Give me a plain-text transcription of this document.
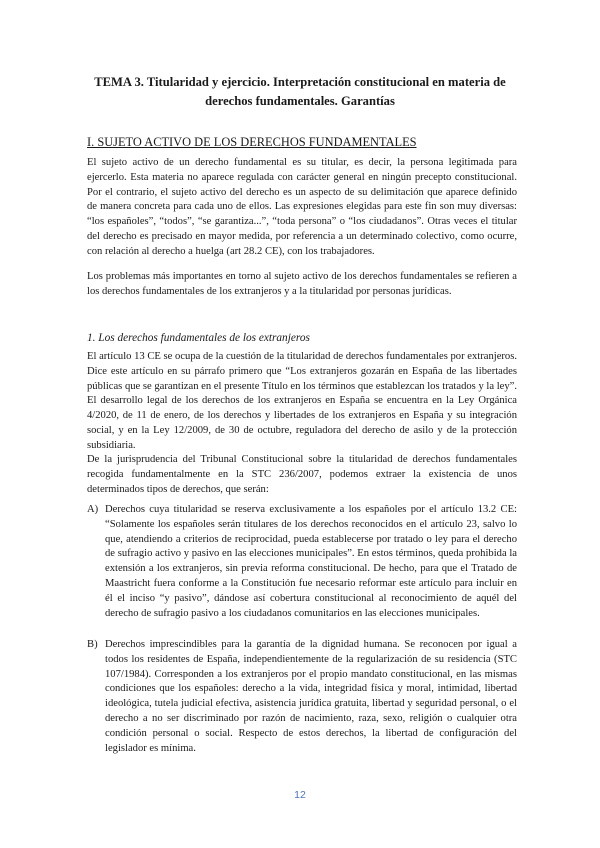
TEMA 3. Titularidad y ejercicio. Interpretación constitucional en materia de derechos fundamentales. Garantías
I. SUJETO ACTIVO DE LOS DERECHOS FUNDAMENTALES

El sujeto activo de un derecho fundamental es su titular, es decir, la persona legitimada para ejercerlo. Esta materia no aparece regulada con carácter general en ningún precepto constitucional. Por el contrario, el sujeto activo del derecho es un aspecto de su delimitación que aparece definido de manera concreta para cada uno de ellos. Las expresiones elegidas para este fin son muy diversas: “los españoles”, “todos”, “se garantiza...”, “toda persona” o “los ciudadanos”. Otras veces el titular del derecho es precisado en mayor medida, por referencia a un determinado colectivo, como ocurre, con relación al derecho a huelga (art 28.2 CE), con los trabajadores.

Los problemas más importantes en torno al sujeto activo de los derechos fundamentales se refieren a los derechos fundamentales de los extranjeros y a la titularidad por personas jurídicas.

1. Los derechos fundamentales de los extranjeros

El artículo 13 CE se ocupa de la cuestión de la titularidad de derechos fundamentales por extranjeros. Dice este artículo en su párrafo primero que “Los extranjeros gozarán en España de las libertades públicas que se garantizan en el presente Título en los términos que establezcan los tratados y la ley”. El desarrollo legal de los derechos de los extranjeros en España se encuentra en la Ley Orgánica 4/2020, de 11 de enero, de los derechos y libertades de los extranjeros en España y su integración social, y en la Ley 12/2009, de 30 de octubre, reguladora del derecho de asilo y de la protección subsidiaria.

De la jurisprudencia del Tribunal Constitucional sobre la titularidad de derechos fundamentales recogida fundamentalmente en la STC 236/2007, podemos extraer la existencia de unos determinados tipos de derechos, que serán:

A) Derechos cuya titularidad se reserva exclusivamente a los españoles por el artículo 13.2 CE: “Solamente los españoles serán titulares de los derechos reconocidos en el artículo 23, salvo lo que, atendiendo a criterios de reciprocidad, pueda establecerse por tratado o ley para el derecho de sufragio activo y pasivo en las elecciones municipales”. En estos términos, queda prohibida la extensión a los extranjeros, sin previa reforma constitucional. De hecho, para que el Tratado de Maastricht fuera conforme a la Constitución fue necesario reformar este artículo para incluir en él el inciso “y pasivo”, dándose así cobertura constitucional al reconocimiento de aquél del derecho de sufragio pasivo a los ciudadanos comunitarios en las elecciones municipales.

B) Derechos imprescindibles para la garantía de la dignidad humana. Se reconocen por igual a todos los residentes de España, independientemente de la regularización de su residencia (STC 107/1984). Corresponden a los extranjeros por el propio mandato constitucional, en las mismas condiciones que los españoles: derecho a la vida, integridad física y moral, intimidad, libertad ideológica, tutela judicial efectiva, asistencia jurídica gratuita, libertad y seguridad personal, o el derecho a no ser discriminado por razón de nacimiento, raza, sexo, religión o cualquier otra condición personal o social. Respecto de estos derechos, la libertad de configuración del legislador es mínima.

12
